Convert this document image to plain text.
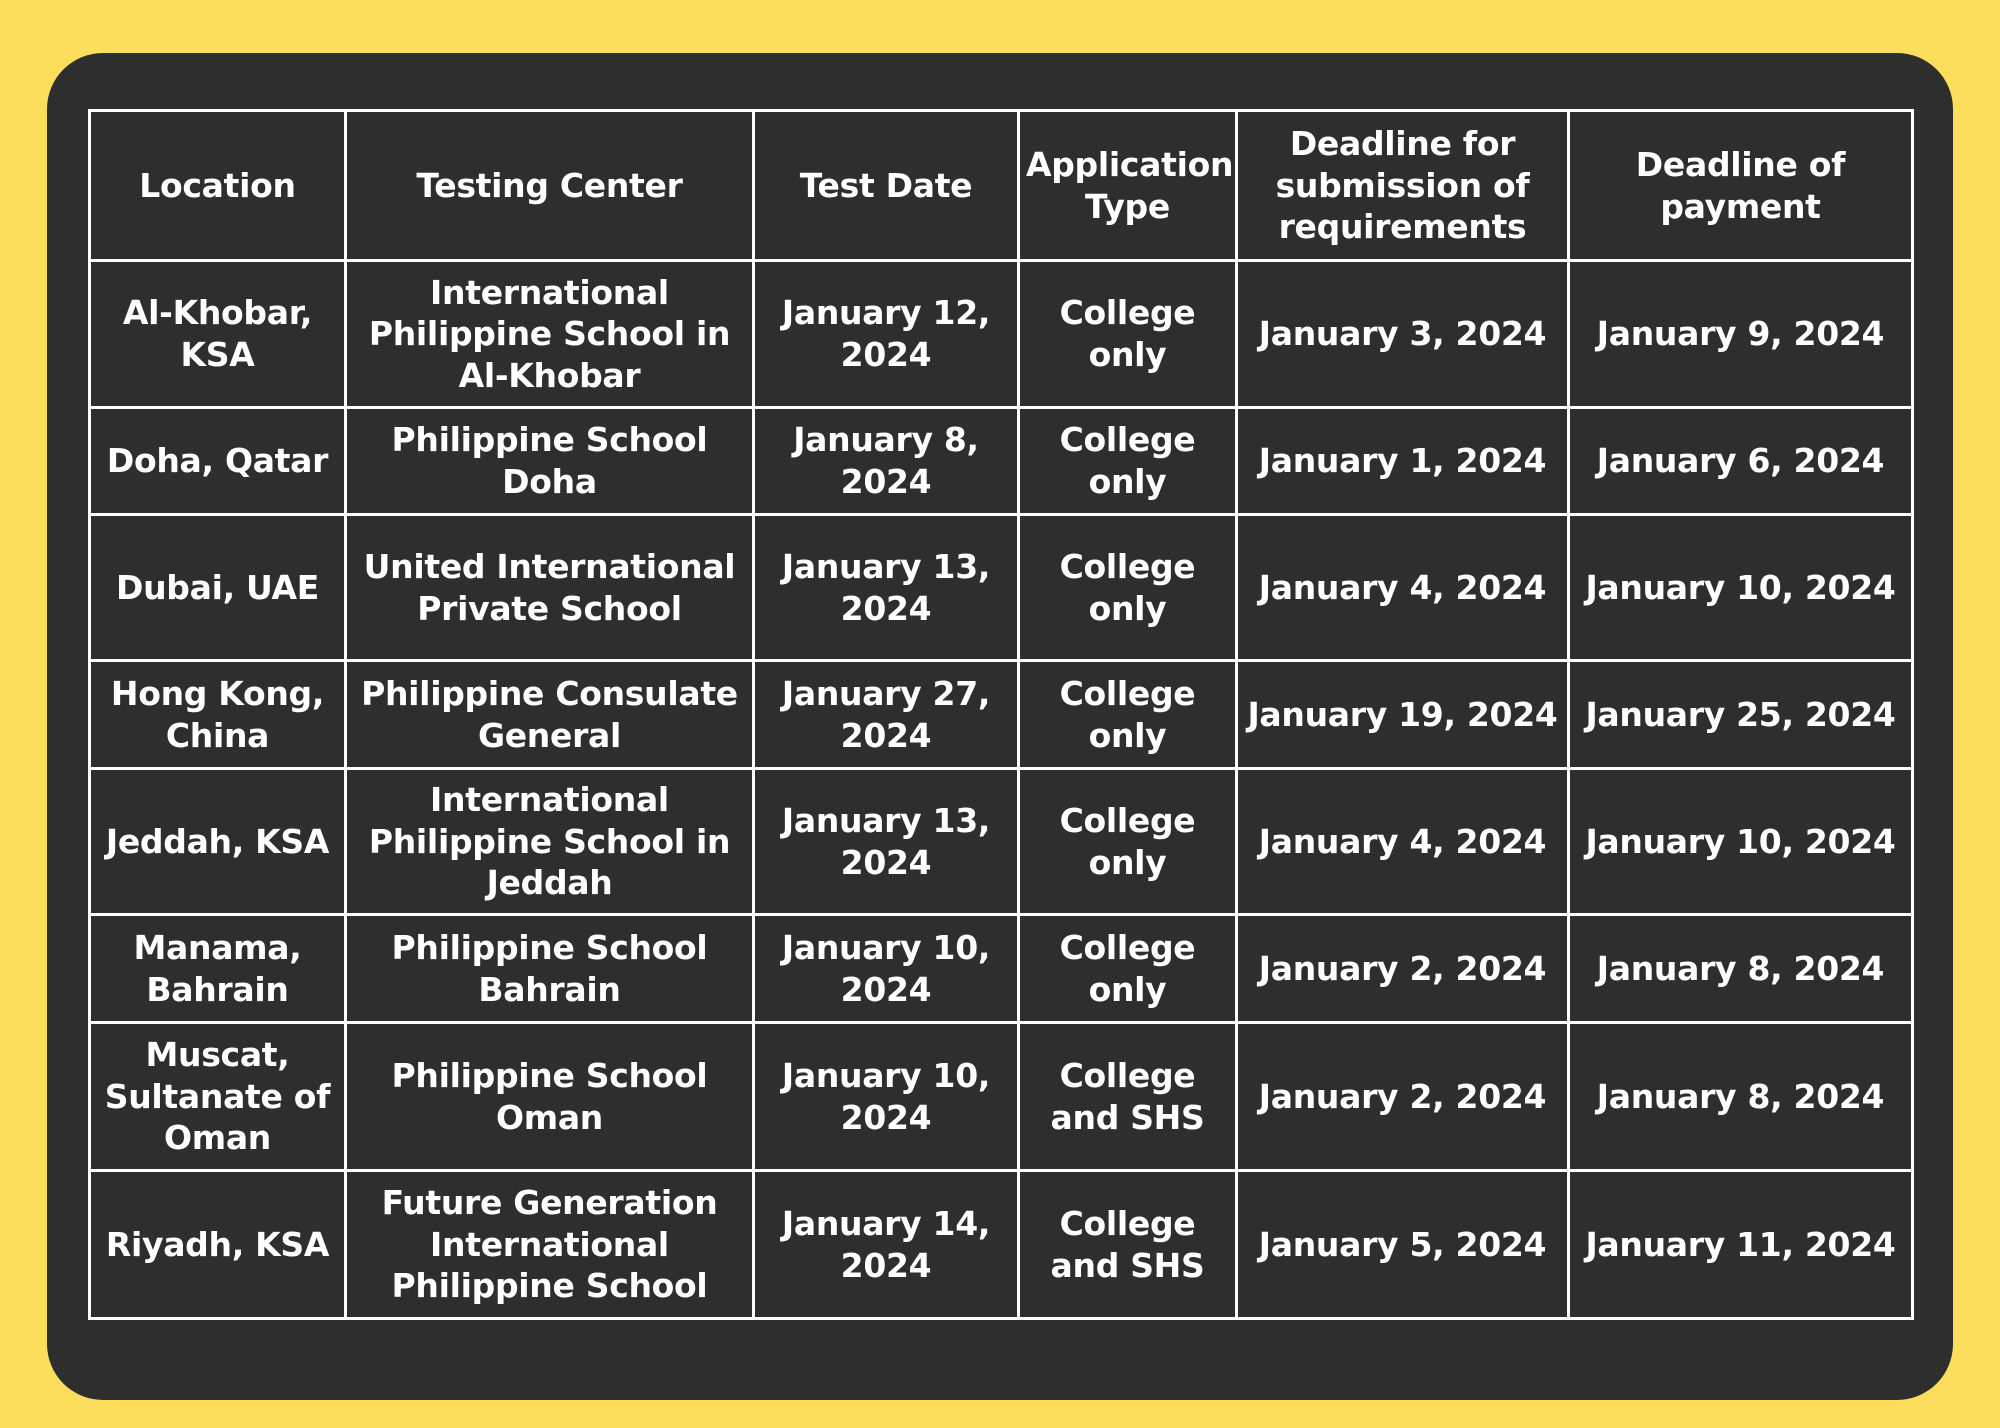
Location	Testing Center	Test Date	Application Type	Deadline for submission of requirements	Deadline of payment
Al-Khobar, KSA	International Philippine School in Al-Khobar	January 12, 2024	College only	January 3, 2024	January 9, 2024
Doha, Qatar	Philippine School Doha	January 8, 2024	College only	January 1, 2024	January 6, 2024
Dubai, UAE	United International Private School	January 13, 2024	College only	January 4, 2024	January 10, 2024
Hong Kong, China	Philippine Consulate General	January 27, 2024	College only	January 19, 2024	January 25, 2024
Jeddah, KSA	International Philippine School in Jeddah	January 13, 2024	College only	January 4, 2024	January 10, 2024
Manama, Bahrain	Philippine School Bahrain	January 10, 2024	College only	January 2, 2024	January 8, 2024
Muscat, Sultanate of Oman	Philippine School Oman	January 10, 2024	College and SHS	January 2, 2024	January 8, 2024
Riyadh, KSA	Future Generation International Philippine School	January 14, 2024	College and SHS	January 5, 2024	January 11, 2024
